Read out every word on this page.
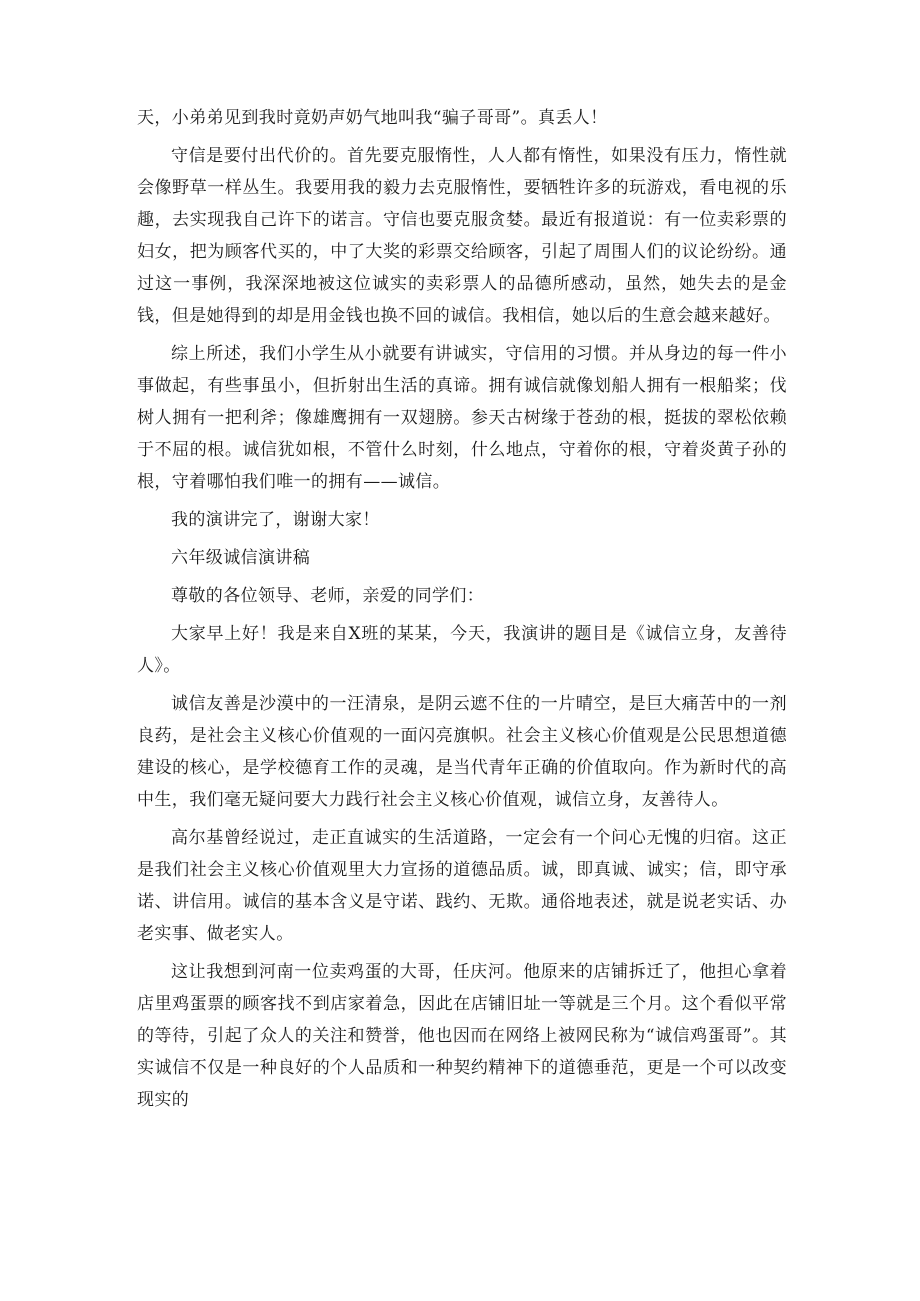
天，小弟弟见到我时竟奶声奶气地叫我“骗子哥哥”。真丢人！

守信是要付出代价的。首先要克服惰性，人人都有惰性，如果没有压力，惰性就会像野草一样丛生。我要用我的毅力去克服惰性，要牺牲许多的玩游戏，看电视的乐趣，去实现我自己许下的诺言。守信也要克服贪婪。最近有报道说：有一位卖彩票的妇女，把为顾客代买的，中了大奖的彩票交给顾客，引起了周围人们的议论纷纷。通过这一事例，我深深地被这位诚实的卖彩票人的品德所感动，虽然，她失去的是金钱，但是她得到的却是用金钱也换不回的诚信。我相信，她以后的生意会越来越好。

综上所述，我们小学生从小就要有讲诚实，守信用的习惯。并从身边的每一件小事做起，有些事虽小，但折射出生活的真谛。拥有诚信就像划船人拥有一根船桨；伐树人拥有一把利斧；像雄鹰拥有一双翅膀。参天古树缘于苍劲的根，挺拔的翠松依赖于不屈的根。诚信犹如根，不管什么时刻，什么地点，守着你的根，守着炎黄子孙的根，守着哪怕我们唯一的拥有——诚信。

我的演讲完了，谢谢大家！

六年级诚信演讲稿

尊敬的各位领导、老师，亲爱的同学们：

大家早上好！我是来自X班的某某，今天，我演讲的题目是《诚信立身，友善待人》。

诚信友善是沙漠中的一汪清泉，是阴云遮不住的一片晴空，是巨大痛苦中的一剂良药，是社会主义核心价值观的一面闪亮旗帜。社会主义核心价值观是公民思想道德建设的核心，是学校德育工作的灵魂，是当代青年正确的价值取向。作为新时代的高中生，我们毫无疑问要大力践行社会主义核心价值观，诚信立身，友善待人。

高尔基曾经说过，走正直诚实的生活道路，一定会有一个问心无愧的归宿。这正是我们社会主义核心价值观里大力宣扬的道德品质。诚，即真诚、诚实；信，即守承诺、讲信用。诚信的基本含义是守诺、践约、无欺。通俗地表述，就是说老实话、办老实事、做老实人。

这让我想到河南一位卖鸡蛋的大哥，任庆河。他原来的店铺拆迁了，他担心拿着店里鸡蛋票的顾客找不到店家着急，因此在店铺旧址一等就是三个月。这个看似平常的等待，引起了众人的关注和赞誉，他也因而在网络上被网民称为“诚信鸡蛋哥”。其实诚信不仅是一种良好的个人品质和一种契约精神下的道德垂范，更是一个可以改变现实的
